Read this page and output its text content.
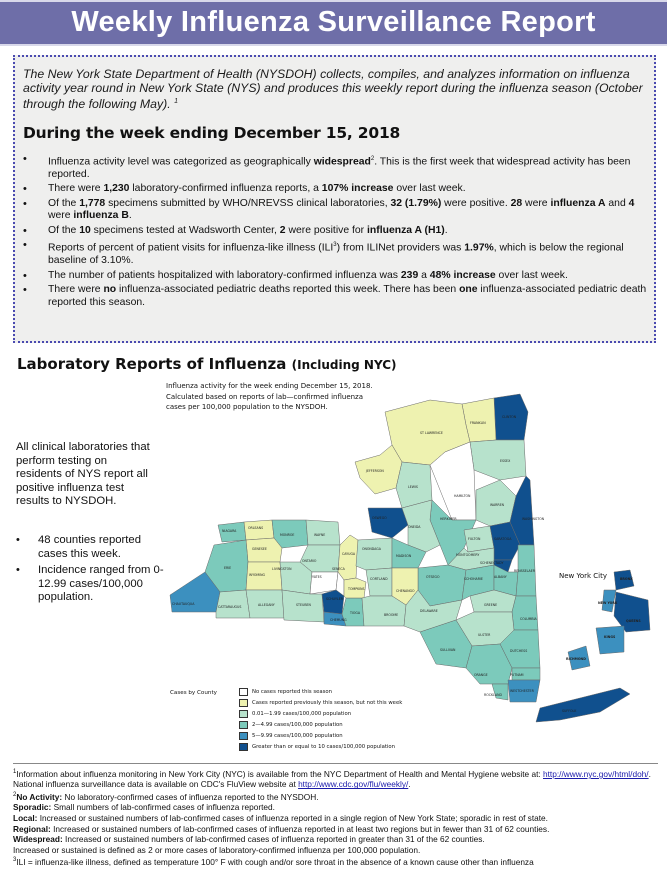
Weekly Influenza Surveillance Report
The New York State Department of Health (NYSDOH) collects, compiles, and analyzes information on influenza activity year round in New York State (NYS) and produces this weekly report during the influenza season (October through the following May). $^1$
During the week ending December 15, 2018
• Influenza activity level was categorized as geographically widespread$^2$. This is the first week that widespread activity has been reported.
• There were 1,230 laboratory-confirmed influenza reports, a 107% increase over last week.
• Of the 1,778 specimens submitted by WHO/NREVSS clinical laboratories, 32 (1.79%) were positive. 28 were influenza A and 4 were influenza B.
• Of the 10 specimens tested at Wadsworth Center, 2 were positive for influenza A (H1).
• Reports of percent of patient visits for influenza-like illness (ILI$^3$) from ILINet providers was 1.97%, which is below the regional baseline of 3.10%.
• The number of patients hospitalized with laboratory-confirmed influenza was 239 a 48% increase over last week.
• There were no influenza-associated pediatric deaths reported this week. There has been one influenza-associated pediatric death reported this season.
Laboratory Reports of Influenza (Including NYC)
All clinical laboratories that perform testing on residents of NYS report all positive influenza test results to NYSDOH.
• 48 counties reported cases this week.
• Incidence ranged from 0-12.99 cases/100,000 population.
Influenza activity for the week ending December 15, 2018.
Calculated based on reports of lab—confirmed influenza
cases per 100,000 population to the NYSDOH.
CLINTON
FRANKLIN
ST LAWRENCE
ESSEX
JEFFERSON
LEWIS
HAMILTON
WARREN
WASHINGTON
OSWEGO	HERKIMER
ONEIDA
FULTON	SARATOGA
NIAGARA
ORLEANS
MONROE	WAYNE
GENESEE
ONTARIO
CAYUGA
ONONDAGA
MADISON	MONTGOMERY
SCHENECTADY
ERIE
WYOMING
LIVINGSTON
YATES
SENECA
CORTLAND	OTSEGO	SCHOHARIE	ALBANY
RENSSELAER
CHAUTAUQUA
CATTARAUGUS	ALLEGANY	STEUBEN
SCHUYLER
CHEMUNG
TIOGA
TOMPKINS	CHENANGO
BROOME
DELAWARE
GREENE
COLUMBIA
ULSTER
DUTCHESS
SULLIVAN
ORANGE	PUTNAM
ROCKLAND
WESTCHESTER
SUFFOLK
BRONX
NEW YORK
QUEENS
KINGS
RICHMOND
New York City
Cases by County	No cases reported this season
Cases reported previously this season, but not this week
0.01—1.99 cases/100,000 population
2—4.99 cases/100,000 population
5—9.99 cases/100,000 population
Greater than or equal to 10 cases/100,000 population
$^1$Information about influenza monitoring in New York City (NYC) is available from the NYC Department of Health and Mental Hygiene website at: http://www.nyc.gov/html/doh/. National influenza surveillance data is available on CDC's FluView website at http://www.cdc.gov/flu/weekly/.
$^2$No Activity: No laboratory-confirmed cases of influenza reported to the NYSDOH.
Sporadic: Small numbers of lab-confirmed cases of influenza reported.
Local: Increased or sustained numbers of lab-confirmed cases of influenza reported in a single region of New York State; sporadic in rest of state.
Regional: Increased or sustained numbers of lab-confirmed cases of influenza reported in at least two regions but in fewer than 31 of 62 counties.
Widespread: Increased or sustained numbers of lab-confirmed cases of influenza reported in greater than 31 of the 62 counties.
Increased or sustained is defined as 2 or more cases of laboratory-confirmed influenza per 100,000 population.
$^3$ILI = influenza-like illness, defined as temperature 100° F with cough and/or sore throat in the absence of a known cause other than influenza
